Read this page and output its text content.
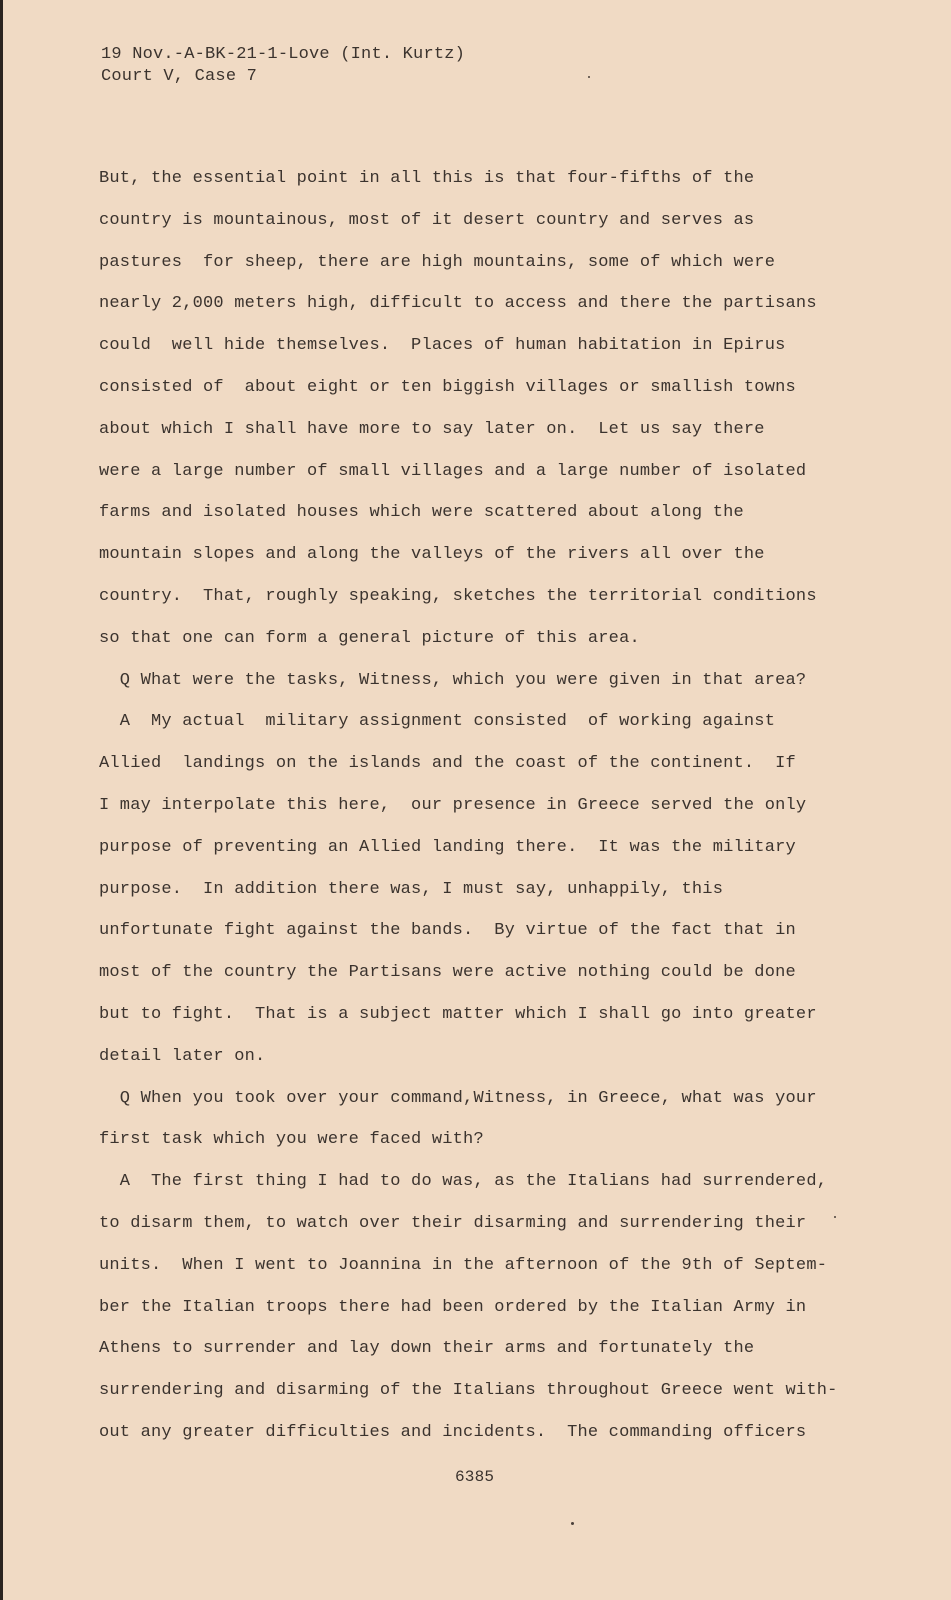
19 Nov.-A-BK-21-1-Love (Int. Kurtz)
Court V, Case 7
But, the essential point in all this is that four-fifths of the
country is mountainous, most of it desert country and serves as
pastures  for sheep, there are high mountains, some of which were
nearly 2,000 meters high, difficult to access and there the partisans
could  well hide themselves.  Places of human habitation in Epirus
consisted of  about eight or ten biggish villages or smallish towns
about which I shall have more to say later on.  Let us say there
were a large number of small villages and a large number of isolated
farms and isolated houses which were scattered about along the
mountain slopes and along the valleys of the rivers all over the
country.  That, roughly speaking, sketches the territorial conditions
so that one can form a general picture of this area.
Q What were the tasks, Witness, which you were given in that area?
A  My actual  military assignment consisted  of working against
Allied  landings on the islands and the coast of the continent.  If
I may interpolate this here,  our presence in Greece served the only
purpose of preventing an Allied landing there.  It was the military
purpose.  In addition there was, I must say, unhappily, this
unfortunate fight against the bands.  By virtue of the fact that in
most of the country the Partisans were active nothing could be done
but to fight.  That is a subject matter which I shall go into greater
detail later on.
Q When you took over your command,Witness, in Greece, what was your
first task which you were faced with?
A  The first thing I had to do was, as the Italians had surrendered,
to disarm them, to watch over their disarming and surrendering their
units.  When I went to Joannina in the afternoon of the 9th of Septem-
ber the Italian troops there had been ordered by the Italian Army in
Athens to surrender and lay down their arms and fortunately the
surrendering and disarming of the Italians throughout Greece went with-
out any greater difficulties and incidents.  The commanding officers
6385
